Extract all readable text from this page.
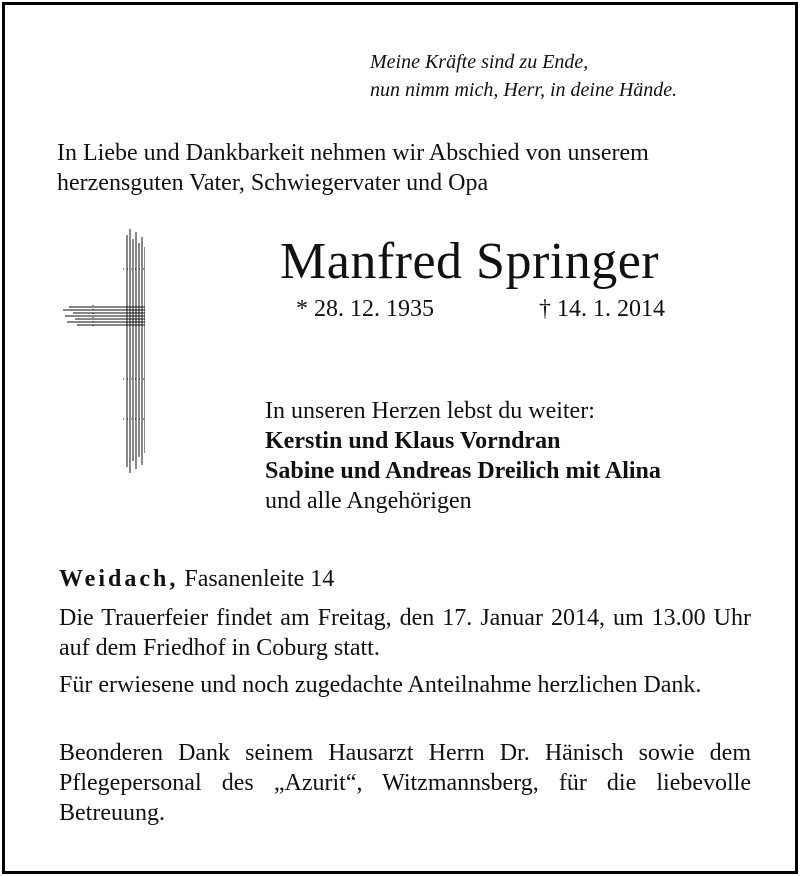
Meine Kräfte sind zu Ende,
nun nimm mich, Herr, in deine Hände.
In Liebe und Dankbarkeit nehmen wir Abschied von unserem
herzensguten Vater, Schwiegervater und Opa
Manfred Springer
* 28. 12. 1935	† 14. 1. 2014
In unseren Herzen lebst du weiter:
Kerstin und Klaus Vorndran
Sabine und Andreas Dreilich mit Alina
und alle Angehörigen
Weidach, Fasanenleite 14
Die Trauerfeier findet am Freitag, den 17. Januar 2014, um 13.00 Uhr auf dem Friedhof in Coburg statt.
Für erwiesene und noch zugedachte Anteilnahme herzlichen Dank.
Beonderen Dank seinem Hausarzt Herrn Dr. Hänisch sowie dem Pflegepersonal des „Azurit“, Witzmannsberg, für die liebevolle Betreuung.
